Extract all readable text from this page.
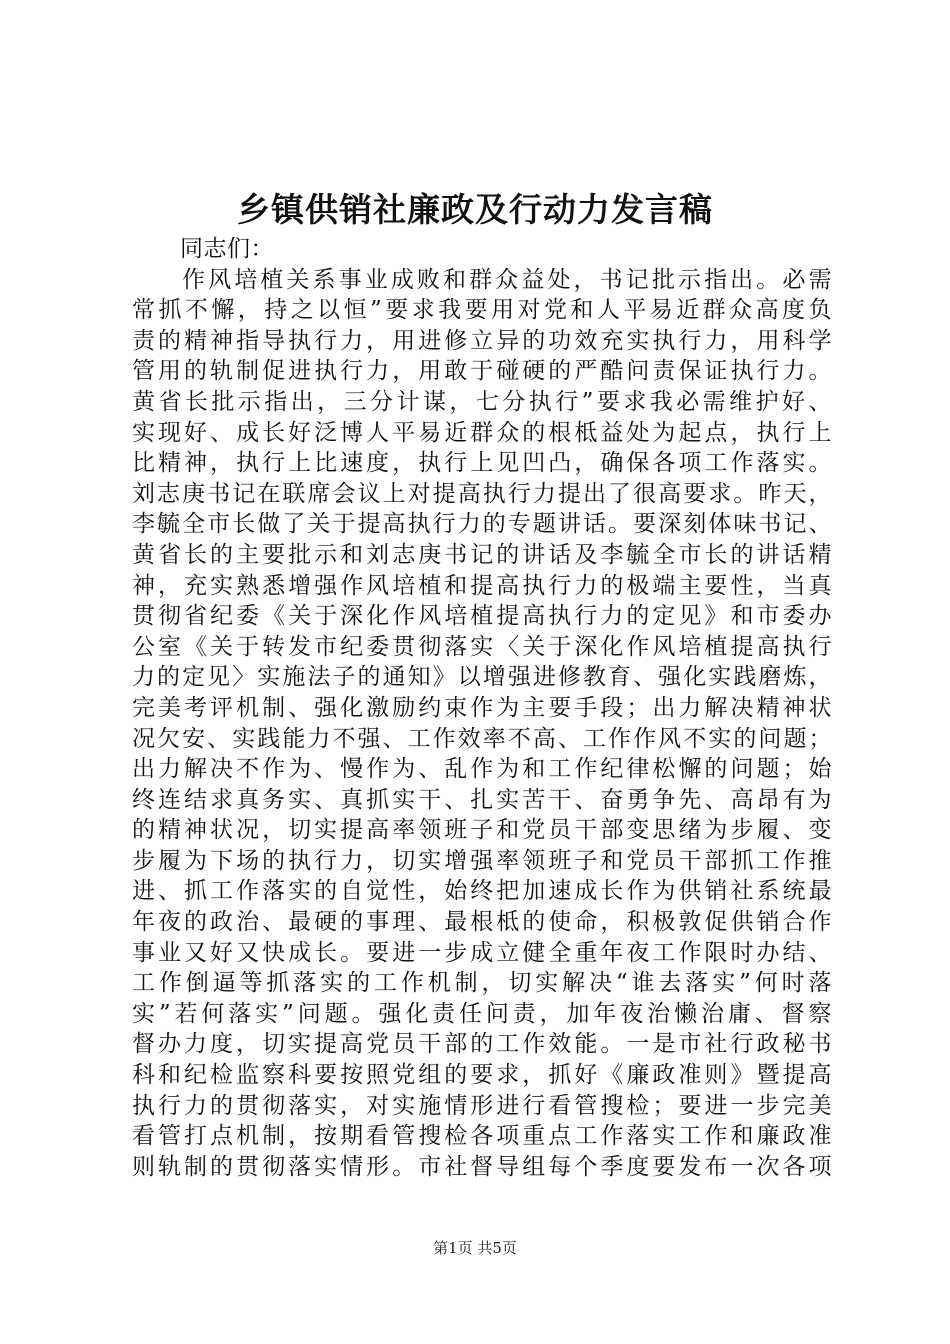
乡镇供销社廉政及行动力发言稿
同志们：
作风培植关系事业成败和群众益处，书记批示指出。必需
常抓不懈，持之以恒”要求我要用对党和人平易近群众高度负
责的精神指导执行力，用进修立异的功效充实执行力，用科学
管用的轨制促进执行力，用敢于碰硬的严酷问责保证执行力。
黄省长批示指出，三分计谋，七分执行”要求我必需维护好、
实现好、成长好泛博人平易近群众的根柢益处为起点，执行上
比精神，执行上比速度，执行上见凹凸，确保各项工作落实。
刘志庚书记在联席会议上对提高执行力提出了很高要求。昨天，
李毓全市长做了关于提高执行力的专题讲话。要深刻体味书记、
黄省长的主要批示和刘志庚书记的讲话及李毓全市长的讲话精
神，充实熟悉增强作风培植和提高执行力的极端主要性，当真
贯彻省纪委《关于深化作风培植提高执行力的定见》和市委办
公室《关于转发市纪委贯彻落实〈关于深化作风培植提高执行
力的定见〉实施法子的通知》以增强进修教育、强化实践磨炼，
完美考评机制、强化激励约束作为主要手段；出力解决精神状
况欠安、实践能力不强、工作效率不高、工作作风不实的问题；
出力解决不作为、慢作为、乱作为和工作纪律松懈的问题；始
终连结求真务实、真抓实干、扎实苦干、奋勇争先、高昂有为
的精神状况，切实提高率领班子和党员干部变思绪为步履、变
步履为下场的执行力，切实增强率领班子和党员干部抓工作推
进、抓工作落实的自觉性，始终把加速成长作为供销社系统最
年夜的政治、最硬的事理、最根柢的使命，积极敦促供销合作
事业又好又快成长。要进一步成立健全重年夜工作限时办结、
工作倒逼等抓落实的工作机制，切实解决“谁去落实”何时落
实”若何落实”问题。强化责任问责，加年夜治懒治庸、督察
督办力度，切实提高党员干部的工作效能。一是市社行政秘书
科和纪检监察科要按照党组的要求，抓好《廉政准则》暨提高
执行力的贯彻落实，对实施情形进行看管搜检；要进一步完美
看管打点机制，按期看管搜检各项重点工作落实工作和廉政准
则轨制的贯彻落实情形。市社督导组每个季度要发布一次各项
第1页 共5页
